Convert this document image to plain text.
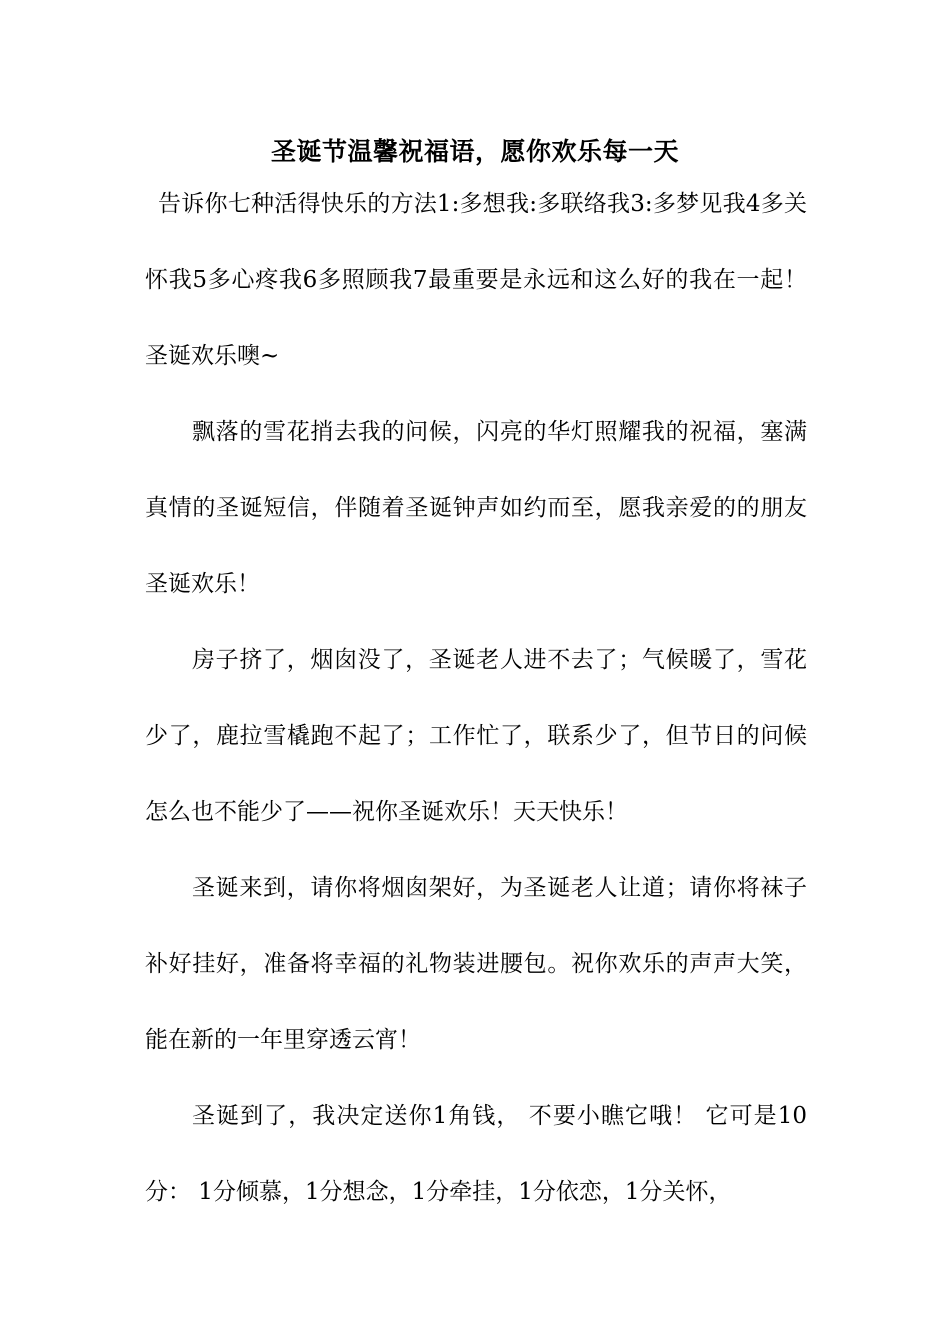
圣诞节温馨祝福语，愿你欢乐每一天

告诉你七种活得快乐的方法1:多想我:多联络我3:多梦见我4多关怀我5多心疼我6多照顾我7最重要是永远和这么好的我在一起！圣诞欢乐噢~

飘落的雪花捎去我的问候，闪亮的华灯照耀我的祝福，塞满真情的圣诞短信，伴随着圣诞钟声如约而至，愿我亲爱的的朋友圣诞欢乐！

房子挤了，烟囱没了，圣诞老人进不去了；气候暖了，雪花少了，鹿拉雪橇跑不起了；工作忙了，联系少了，但节日的问候怎么也不能少了——祝你圣诞欢乐！天天快乐！

圣诞来到，请你将烟囱架好，为圣诞老人让道；请你将袜子补好挂好，准备将幸福的礼物装进腰包。祝你欢乐的声声大笑，能在新的一年里穿透云宵！

圣诞到了，我决定送你1角钱， 不要小瞧它哦！ 它可是10分： 1分倾慕，1分想念，1分牵挂，1分依恋，1分关怀，
